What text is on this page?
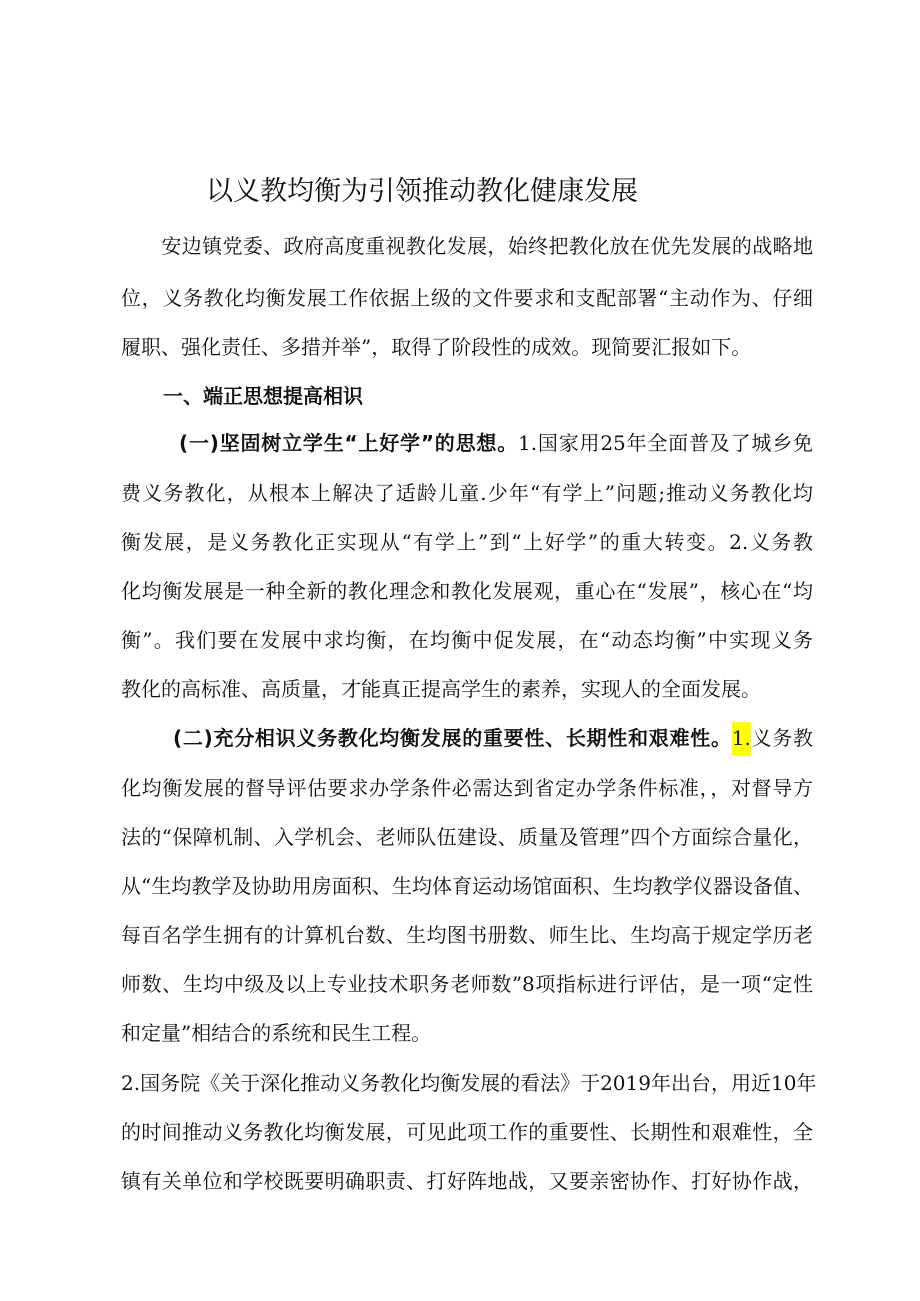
以义教均衡为引领推动教化健康发展
安边镇党委、政府高度重视教化发展，始终把教化放在优先发展的战略地
位，义务教化均衡发展工作依据上级的文件要求和支配部署“主动作为、仔细
履职、强化责任、多措并举”，取得了阶段性的成效。现简要汇报如下。
一、端正思想提高相识
(一)坚固树立学生“上好学”的思想。1.国家用25年全面普及了城乡免
费义务教化，从根本上解决了适龄儿童.少年“有学上”问题;推动义务教化均
衡发展，是义务教化正实现从“有学上”到“上好学”的重大转变。2.义务教
化均衡发展是一种全新的教化理念和教化发展观，重心在“发展”，核心在“均
衡”。我们要在发展中求均衡，在均衡中促发展，在“动态均衡”中实现义务
教化的高标准、高质量，才能真正提高学生的素养，实现人的全面发展。
(二)充分相识义务教化均衡发展的重要性、长期性和艰难性。1.义务教
化均衡发展的督导评估要求办学条件必需达到省定办学条件标准，，对督导方
法的“保障机制、入学机会、老师队伍建设、质量及管理”四个方面综合量化，
从“生均教学及协助用房面积、生均体育运动场馆面积、生均教学仪器设备值、
每百名学生拥有的计算机台数、生均图书册数、师生比、生均高于规定学历老
师数、生均中级及以上专业技术职务老师数”8项指标进行评估，是一项“定性
和定量”相结合的系统和民生工程。
2.国务院《关于深化推动义务教化均衡发展的看法》于2019年出台，用近10年
的时间推动义务教化均衡发展，可见此项工作的重要性、长期性和艰难性，全
镇有关单位和学校既要明确职责、打好阵地战，又要亲密协作、打好协作战，
